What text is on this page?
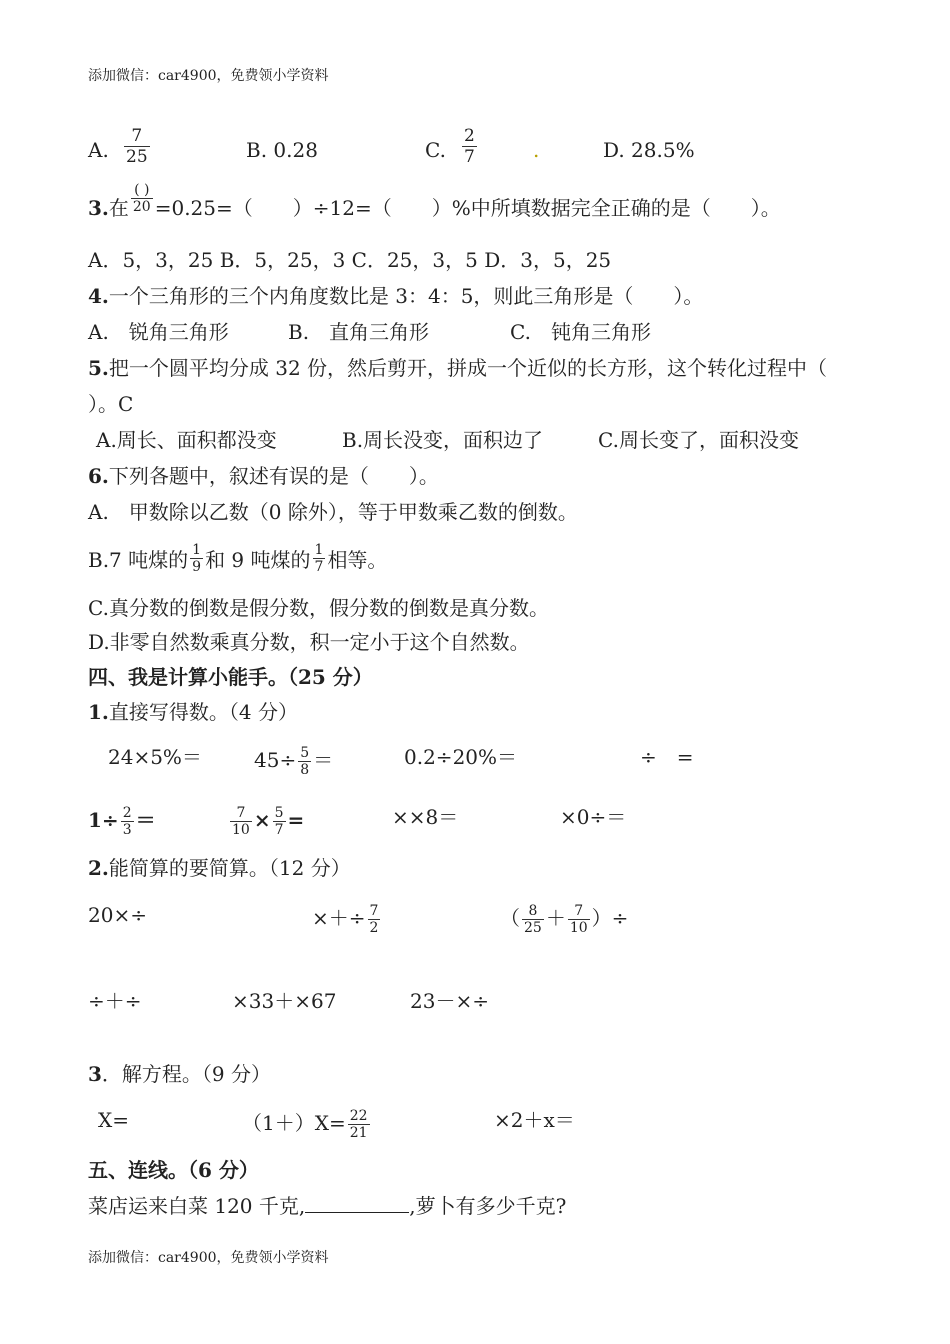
添加微信：car4900，免费领小学资料
A. $\frac{7}{25}$	B. 0.28	C. $\frac{2}{7}$	.	D. 28.5%
3.在
( )
20 =0.25=（　　）÷12=（　　）%中所填数据完全正确的是（　　）。
A．5，3，25 B．5，25，3 C．25，3，5 D．3，5，25
4.一个三角形的三个内角度数比是 3：4：5，则此三角形是（　　）。
A.　锐角三角形	B.　直角三角形	C.　钝角三角形
5.把一个圆平均分成 32 份，然后剪开，拼成一个近似的长方形，这个转化过程中（
）。C
A.周长、面积都没变	B.周长没变，面积边了	C.周长变了，面积没变
6.下列各题中，叙述有误的是（　　）。
A.　甲数除以乙数（0 除外），等于甲数乘乙数的倒数。
B.7 吨煤的 $\frac{1}{9}$ 和 9 吨煤的 $\frac{1}{7}$ 相等。
C.真分数的倒数是假分数，假分数的倒数是真分数。
D.非零自然数乘真分数，积一定小于这个自然数。
四、我是计算小能手。（25 分）
1.直接写得数。（4 分）
24×5%＝	$45\div \frac{5}{8}$ ＝	0.2÷20%＝	÷　=
$1\div \frac{2}{3}$ ＝	$\frac{7}{10} \times \frac{5}{7}$ =	××8＝	×0÷＝
2.能简算的要简算。（12 分）
20×÷	×＋÷ $\frac{7}{2}$	（ $\frac{8}{25} + \frac{7}{10}$ ）÷
÷＋÷	×33＋×67	23－×÷
3．解方程。（9 分）
X=	$(1+)X= \frac{22}{21}$	×2＋x＝
五、连线。（6 分）
菜店运来白菜 120 千克,	,萝卜有多少千克?
添加微信：car4900，免费领小学资料
